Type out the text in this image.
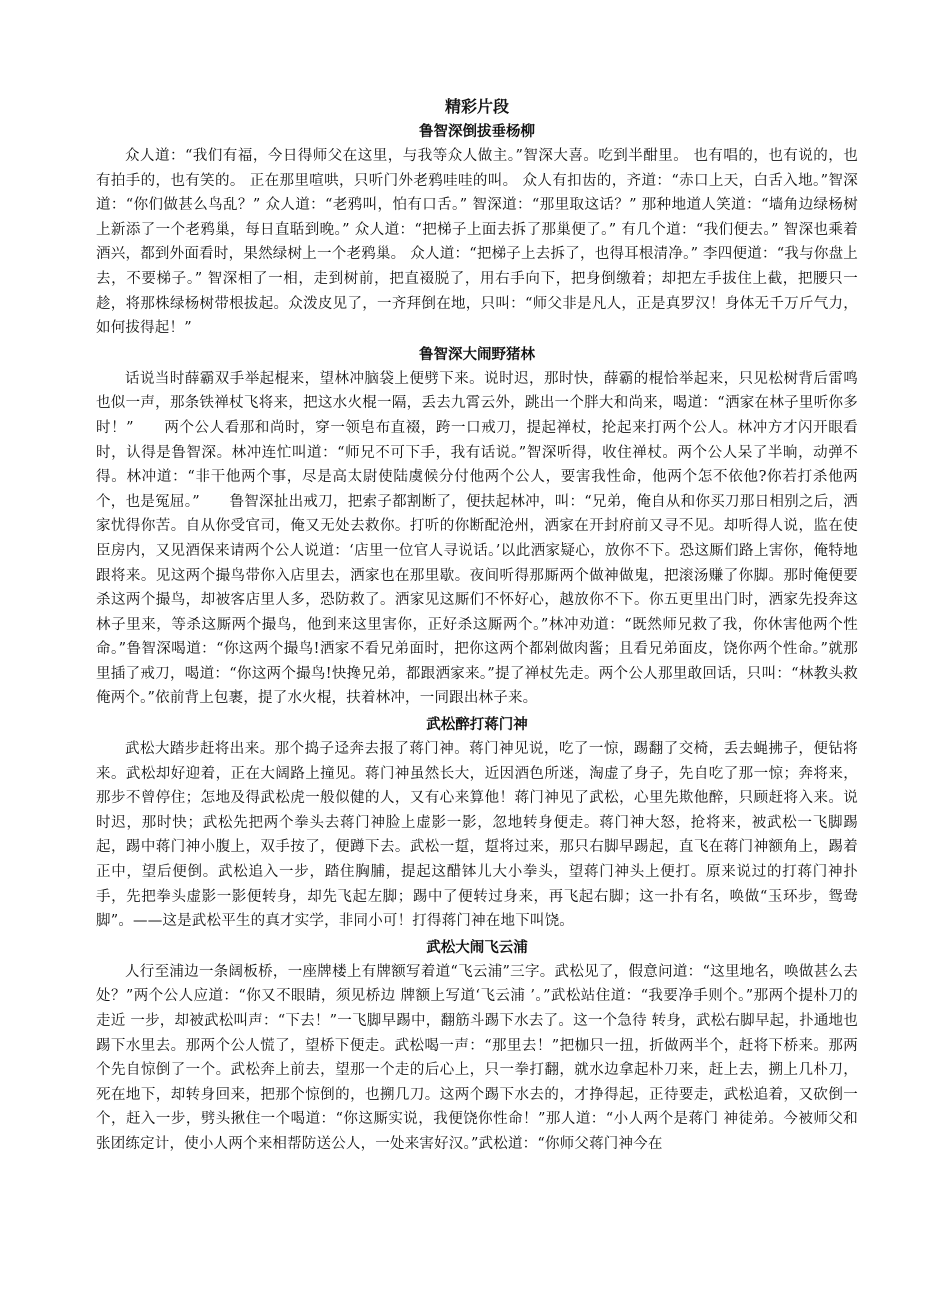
精彩片段
鲁智深倒拔垂杨柳

众人道：“我们有福，今日得师父在这里，与我等众人做主。”智深大喜。吃到半酣里。 也有唱的，也有说的，也有拍手的，也有笑的。 正在那里喧哄，只听门外老鸦哇哇的叫。 众人有扣齿的，齐道：“赤口上天，白舌入地。”智深道：“你们做甚么鸟乱？” 众人道：“老鸦叫，怕有口舌。” 智深道：“那里取这话？” 那种地道人笑道：“墙角边绿杨树上新添了一个老鸦巢，每日直聒到晚。” 众人道：“把梯子上面去拆了那巢便了。” 有几个道：“我们便去。” 智深也乘着酒兴，都到外面看时，果然绿树上一个老鸦巢。 众人道：“把梯子上去拆了，也得耳根清净。” 李四便道：“我与你盘上去，不要梯子。” 智深相了一相，走到树前，把直裰脱了，用右手向下，把身倒缴着；却把左手拔住上截，把腰只一趁，将那株绿杨树带根拔起。众泼皮见了，一齐拜倒在地，只叫：“师父非是凡人，正是真罗汉！身体无千万斤气力，如何拔得起！”

鲁智深大闹野猪林

话说当时薛霸双手举起棍来，望林冲脑袋上便劈下来。说时迟，那时快，薛霸的棍恰举起来，只见松树背后雷鸣也似一声，那条铁禅杖飞将来，把这水火棍一隔，丢去九霄云外，跳出一个胖大和尚来，喝道：“洒家在林子里听你多时！”　　两个公人看那和尚时，穿一领皂布直裰，跨一口戒刀，提起禅杖，抡起来打两个公人。林冲方才闪开眼看时，认得是鲁智深。林冲连忙叫道：“师兄不可下手，我有话说。”智深听得，收住禅杖。两个公人呆了半晌，动弹不得。林冲道：“非干他两个事，尽是高太尉使陆虞候分付他两个公人，要害我性命，他两个怎不依他?你若打杀他两个，也是冤屈。”　　鲁智深扯出戒刀，把索子都割断了，便扶起林冲，叫：“兄弟，俺自从和你买刀那日相别之后，洒家忧得你苦。自从你受官司，俺又无处去救你。打听的你断配沧州，洒家在开封府前又寻不见。却听得人说，监在使臣房内，又见酒保来请两个公人说道：‘店里一位官人寻说话。’以此洒家疑心，放你不下。恐这厮们路上害你，俺特地跟将来。见这两个撮鸟带你入店里去，洒家也在那里歇。夜间听得那厮两个做神做鬼，把滚汤赚了你脚。那时俺便要杀这两个撮鸟，却被客店里人多，恐防救了。洒家见这厮们不怀好心，越放你不下。你五更里出门时，洒家先投奔这林子里来，等杀这厮两个撮鸟，他到来这里害你，正好杀这厮两个。”林冲劝道：“既然师兄救了我，你休害他两个性命。”鲁智深喝道：“你这两个撮鸟!洒家不看兄弟面时，把你这两个都剁做肉酱；且看兄弟面皮，饶你两个性命。”就那里插了戒刀，喝道：“你这两个撮鸟!快搀兄弟，都跟洒家来。”提了禅杖先走。两个公人那里敢回话，只叫：“林教头救俺两个。”依前背上包裹，提了水火棍，扶着林冲，一同跟出林子来。

武松醉打蒋门神

武松大踏步赶将出来。那个捣子迳奔去报了蒋门神。蒋门神见说，吃了一惊，踢翻了交椅，丢去蝇拂子，便钻将来。武松却好迎着，正在大阔路上撞见。蒋门神虽然长大，近因酒色所迷，淘虚了身子，先自吃了那一惊；奔将来，那步不曾停住；怎地及得武松虎一般似健的人，又有心来算他！蒋门神见了武松，心里先欺他醉，只顾赶将入来。说时迟，那时快；武松先把两个拳头去蒋门神脸上虚影一影，忽地转身便走。蒋门神大怒，抢将来，被武松一飞脚踢起，踢中蒋门神小腹上，双手按了，便蹲下去。武松一踅，踅将过来，那只右脚早踢起，直飞在蒋门神额角上，踢着正中，望后便倒。武松追入一步，踏住胸脯，提起这醋钵儿大小拳头，望蒋门神头上便打。原来说过的打蒋门神扑手，先把拳头虚影一影便转身，却先飞起左脚；踢中了便转过身来，再飞起右脚；这一扑有名，唤做“玉环步，鸳鸯脚”。——这是武松平生的真才实学，非同小可！打得蒋门神在地下叫饶。

武松大闹飞云浦

人行至浦边一条阔板桥，一座牌楼上有牌额写着道“飞云浦”三字。武松见了，假意问道：“这里地名，唤做甚么去处？”两个公人应道：“你又不眼睛，须见桥边 牌额上写道‘飞云浦 ’。”武松站住道：“我要净手则个。”那两个提朴刀的走近 一步，却被武松叫声：“下去！”一飞脚早踢中，翻筋斗踢下水去了。这一个急待 转身，武松右脚早起，扑通地也踢下水里去。那两个公人慌了，望桥下便走。武松喝一声：“那里去！”把枷只一扭，折做两半个，赶将下桥来。那两个先自惊倒了一个。武松奔上前去，望那一个走的后心上，只一拳打翻，就水边拿起朴刀来，赶上去，搠上几朴刀，死在地下，却转身回来，把那个惊倒的，也搠几刀。这两个踢下水去的，才挣得起，正待要走，武松追着，又砍倒一个，赶入一步，劈头揪住一个喝道：“你这厮实说，我便饶你性命！”那人道：“小人两个是蒋门 神徒弟。今被师父和张团练定计，使小人两个来相帮防送公人，一处来害好汉。”武松道：“你师父蒋门神今在
